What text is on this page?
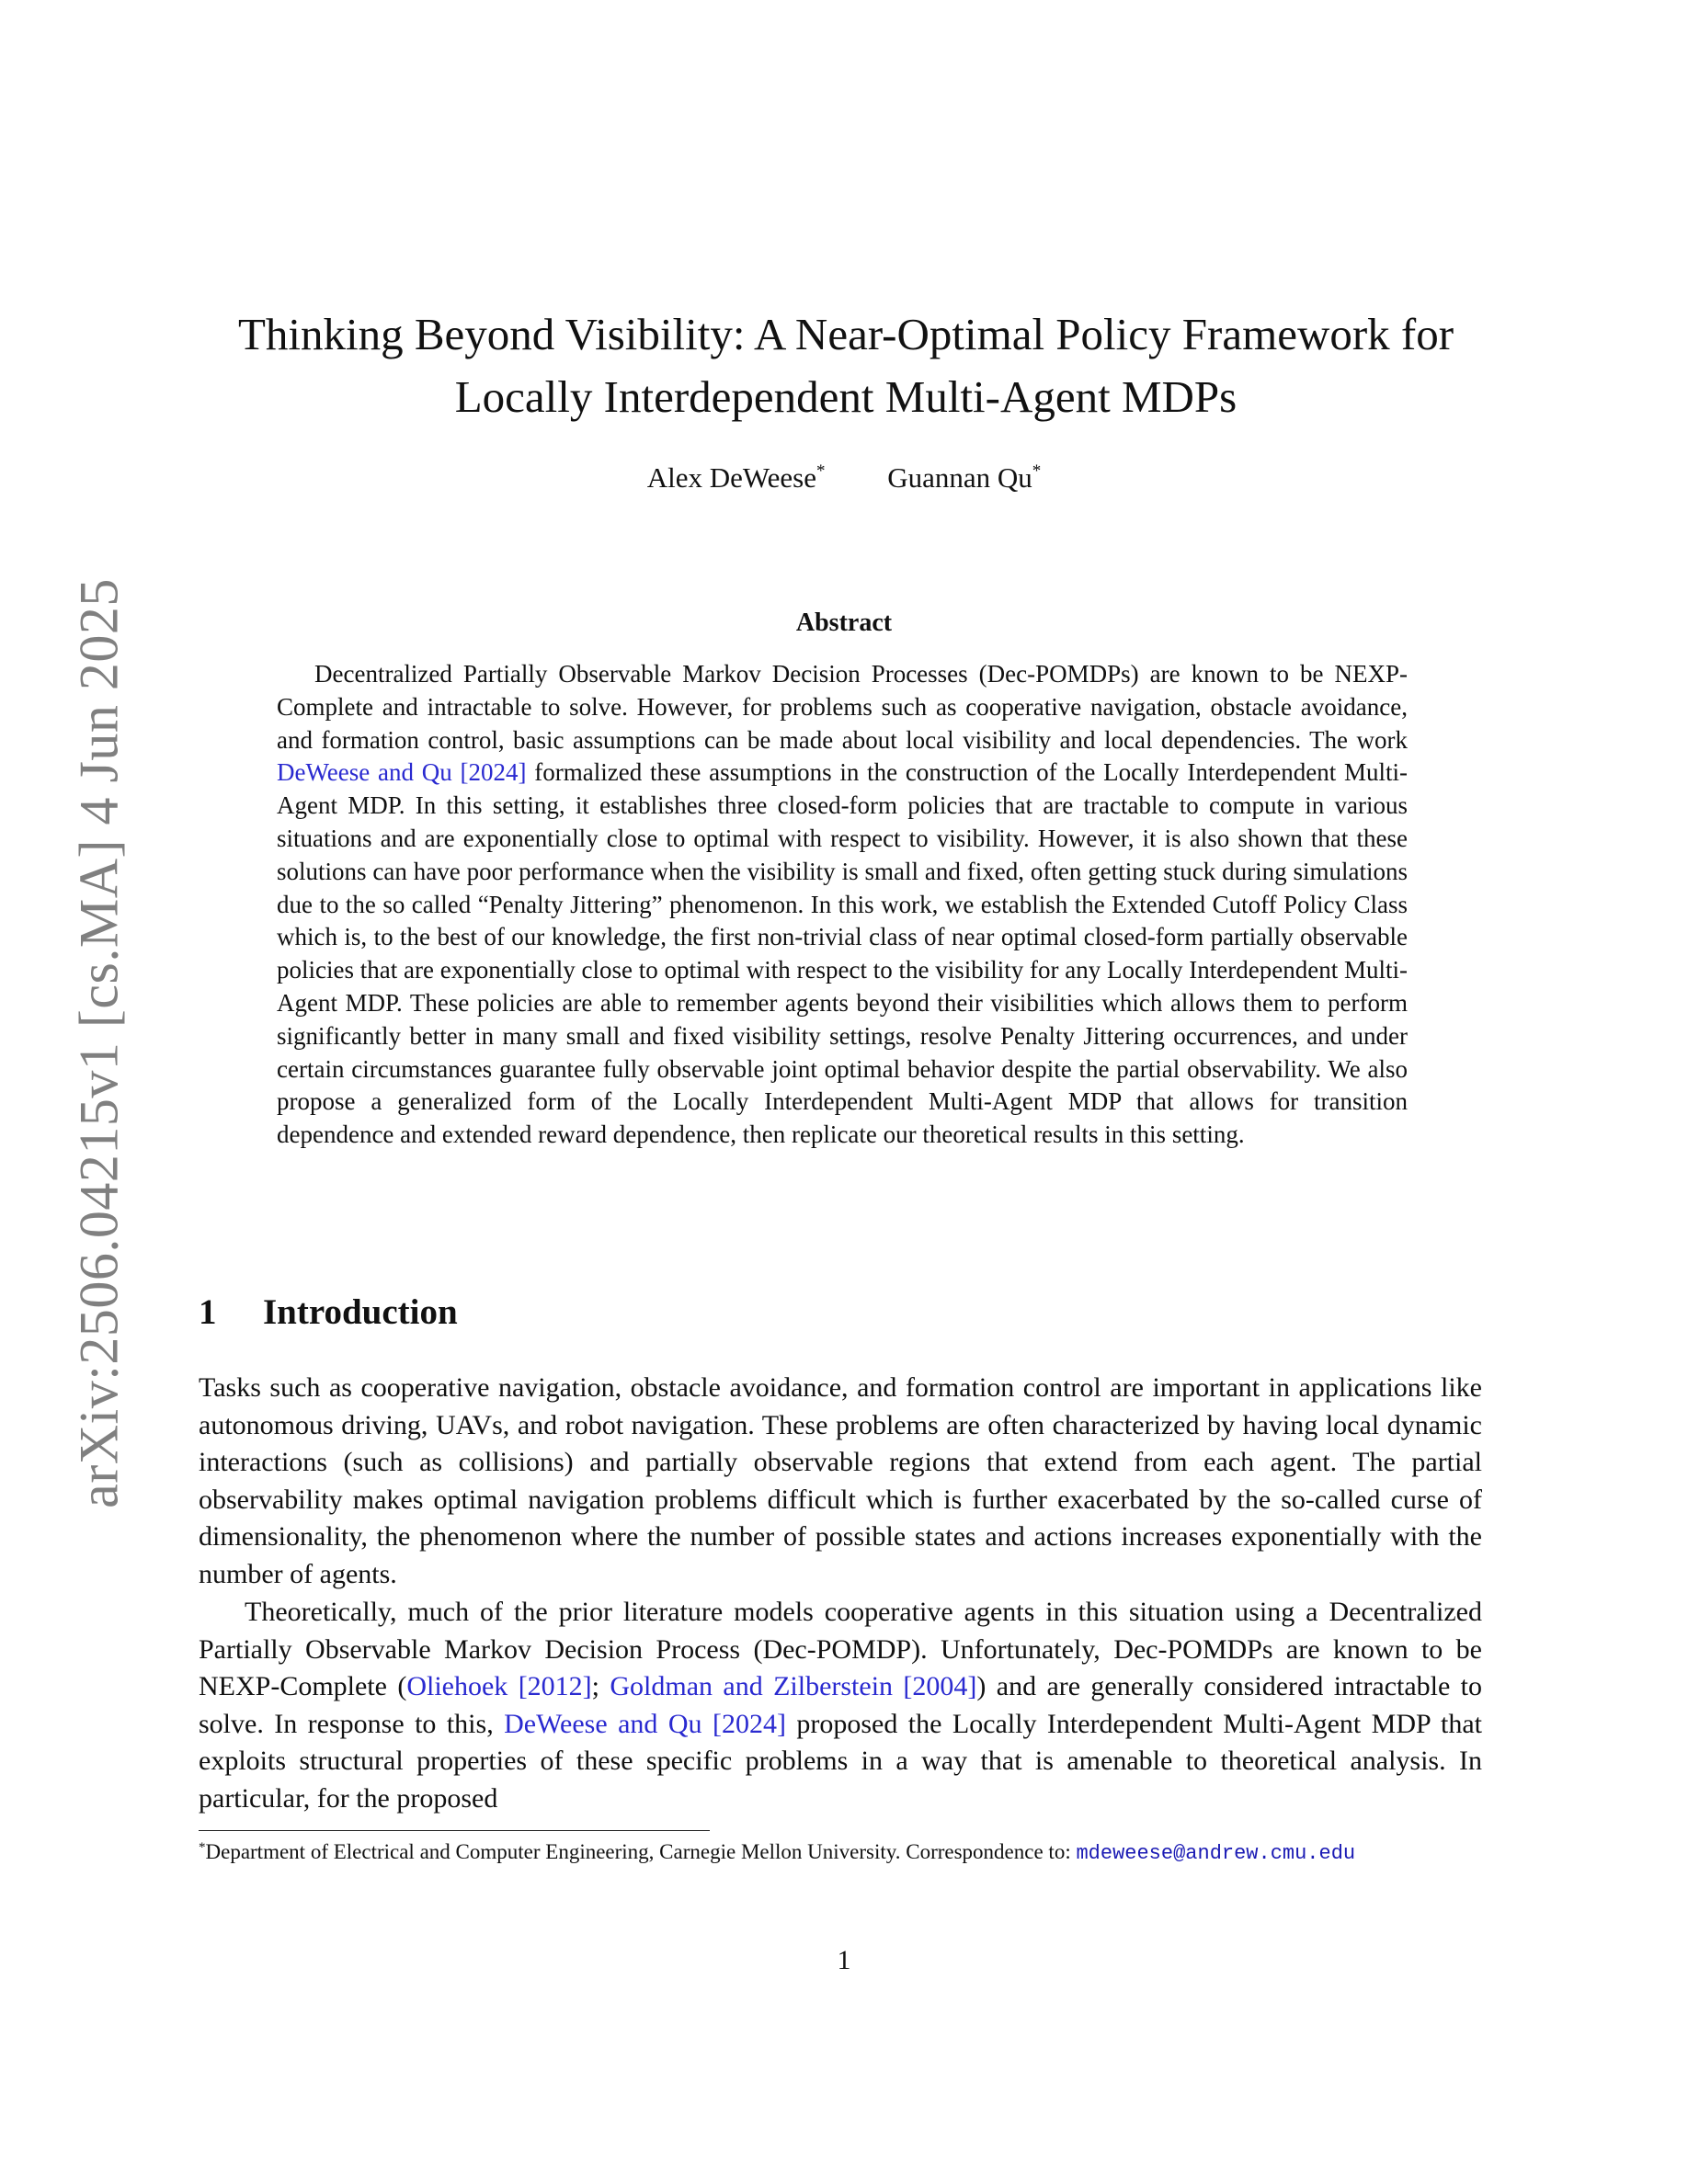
arXiv:2506.04215v1 [cs.MA] 4 Jun 2025
Thinking Beyond Visibility: A Near-Optimal Policy Framework for
Locally Interdependent Multi-Agent MDPs
Alex DeWeese* Guannan Qu*
Abstract

Decentralized Partially Observable Markov Decision Processes (Dec-POMDPs) are known to be NEXP-Complete and intractable to solve. However, for problems such as cooperative navigation, obstacle avoidance, and formation control, basic assumptions can be made about local visibility and local dependencies. The work DeWeese and Qu [2024] formalized these assumptions in the construction of the Locally Interdependent Multi-Agent MDP. In this setting, it establishes three closed-form policies that are tractable to compute in various situations and are exponentially close to optimal with respect to visibility. However, it is also shown that these solutions can have poor performance when the visibility is small and fixed, often getting stuck during simulations due to the so called “Penalty Jittering” phenomenon. In this work, we establish the Extended Cutoff Policy Class which is, to the best of our knowledge, the first non-trivial class of near optimal closed-form partially observable policies that are exponentially close to optimal with respect to the visibility for any Locally Interdependent Multi-Agent MDP. These policies are able to remember agents beyond their visibilities which allows them to perform significantly better in many small and fixed visibility settings, resolve Penalty Jittering occurrences, and under certain circumstances guarantee fully observable joint optimal behavior despite the partial observability. We also propose a generalized form of the Locally Interdependent Multi-Agent MDP that allows for transition dependence and extended reward dependence, then replicate our theoretical results in this setting.

1 Introduction

Tasks such as cooperative navigation, obstacle avoidance, and formation control are important in applications like autonomous driving, UAVs, and robot navigation. These problems are often characterized by having local dynamic interactions (such as collisions) and partially observable regions that extend from each agent. The partial observability makes optimal navigation problems difficult which is further exacerbated by the so-called curse of dimensionality, the phenomenon where the number of possible states and actions increases exponentially with the number of agents.

Theoretically, much of the prior literature models cooperative agents in this situation using a Decentralized Partially Observable Markov Decision Process (Dec-POMDP). Unfortunately, Dec-POMDPs are known to be NEXP-Complete (Oliehoek [2012]; Goldman and Zilberstein [2004]) and are generally considered intractable to solve. In response to this, DeWeese and Qu [2024] proposed the Locally Interdependent Multi-Agent MDP that exploits structural properties of these specific problems in a way that is amenable to theoretical analysis. In particular, for the proposed

*Department of Electrical and Computer Engineering, Carnegie Mellon University. Correspondence to: mdeweese@andrew.cmu.edu

1
